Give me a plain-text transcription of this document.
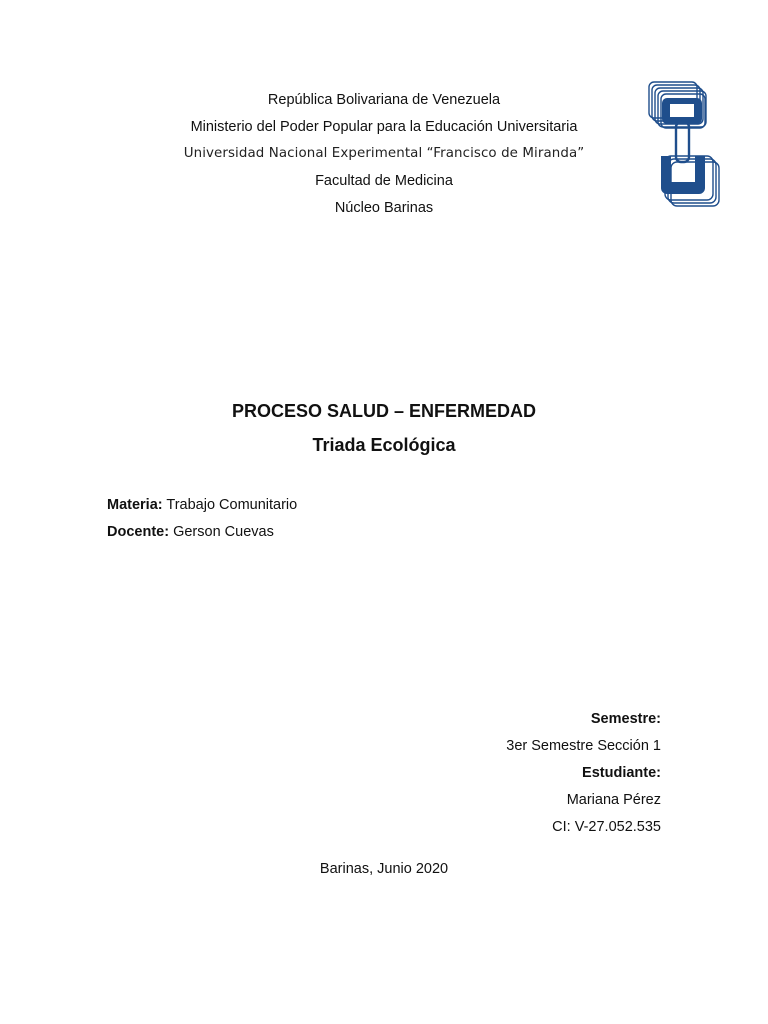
República Bolivariana de Venezuela
Ministerio del Poder Popular para la Educación Universitaria
Universidad Nacional Experimental “Francisco de Miranda”
Facultad de Medicina
Núcleo Barinas
PROCESO SALUD – ENFERMEDAD
Triada Ecológica
Materia: Trabajo Comunitario
Docente: Gerson Cuevas
Semestre:
3er Semestre Sección 1
Estudiante:
Mariana Pérez
CI: V-27.052.535
Barinas, Junio 2020
